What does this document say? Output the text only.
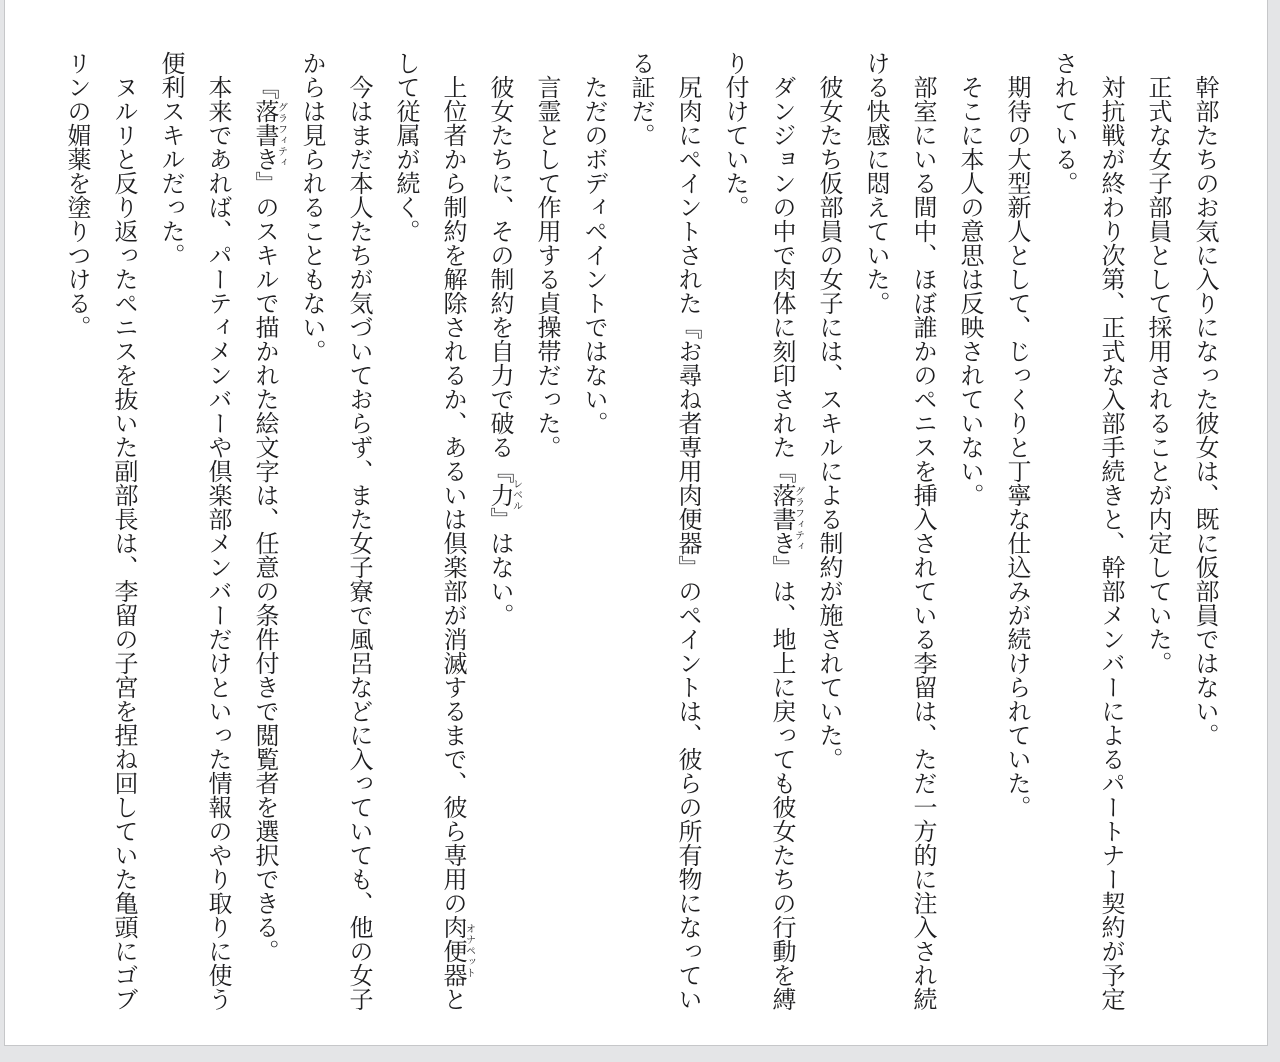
幹部たちのお気に入りになった彼女は、既に仮部員ではない。

正式な女子部員として採用されることが内定していた。

対抗戦が終わり次第、正式な入部手続きと、幹部メンバーによるパートナー契約が予定

されている。

期待の大型新人として、じっくりと丁寧な仕込みが続けられていた。

そこに本人の意思は反映されていない。

部室にいる間中、ほぼ誰かのペニスを挿入されている李留は、ただ一方的に注入され続

ける快感に悶えていた。

彼女たち仮部員の女子には、スキルによる制約が施されていた。

ダンジョンの中で肉体に刻印された『落書きグラフィティ』は、地上に戻っても彼女たちの行動を縛

り付けていた。

尻肉にペイントされた『お尋ね者専用肉便器』のペイントは、彼らの所有物になってい

る証だ。

ただのボディペイントではない。

言霊として作用する貞操帯だった。

彼女たちに、その制約を自力で破る『力レベル』はない。

上位者から制約を解除されるか、あるいは倶楽部が消滅するまで、彼ら専用の肉便器オナペットと

して従属が続く。

今はまだ本人たちが気づいておらず、また女子寮で風呂などに入っていても、他の女子

からは見られることもない。

『落書きグラフィティ』のスキルで描かれた絵文字は、任意の条件付きで閲覧者を選択できる。

本来であれば、パーティメンバーや倶楽部メンバーだけといった情報のやり取りに使う

便利スキルだった。

ヌルリと反り返ったペニスを抜いた副部長は、李留の子宮を捏ね回していた亀頭にゴブ

リンの媚薬を塗りつける。
